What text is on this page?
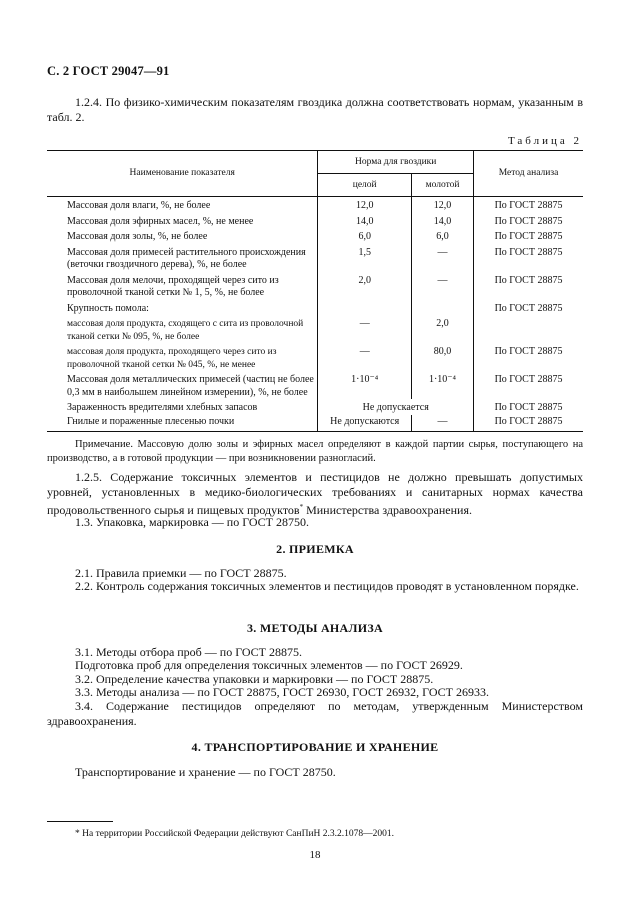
С. 2 ГОСТ 29047—91
1.2.4. По физико-химическим показателям гвоздика должна соответствовать нормам, указанным в табл. 2.
Таблица 2
Наименование показателя	Норма для гвоздики		Метод анализа
	целой	молотой	
Массовая доля влаги, %, не более	12,0	12,0	По ГОСТ 28875
Массовая доля эфирных масел, %, не менее	14,0	14,0	По ГОСТ 28875
Массовая доля золы, %, не более	6,0	6,0	По ГОСТ 28875
Массовая доля примесей растительного происхождения (веточки гвоздичного дерева), %, не более	1,5	—	По ГОСТ 28875
Массовая доля мелочи, проходящей через сито из проволочной тканой сетки № 1, 5, %, не более	2,0	—	По ГОСТ 28875
Крупность помола:			По ГОСТ 28875
массовая доля продукта, сходящего с сита из проволочной тканой сетки № 095, %, не более	—	2,0	
массовая доля продукта, проходящего через сито из проволочной тканой сетки № 045, %, не менее	—	80,0	По ГОСТ 28875
Массовая доля металлических примесей (частиц не более 0,3 мм в наибольшем линейном измерении), %, не более	1·10⁻⁴	1·10⁻⁴	По ГОСТ 28875
Зараженность вредителями хлебных запасов	Не допускается		По ГОСТ 28875
Гнилые и пораженные плесенью почки	Не допускаются	—	По ГОСТ 28875
Примечание. Массовую долю золы и эфирных масел определяют в каждой партии сырья, поступающего на производство, а в готовой продукции — при возникновении разногласий.
1.2.5. Содержание токсичных элементов и пестицидов не должно превышать допустимых уровней, установленных в медико-биологических требованиях и санитарных нормах качества продовольственного сырья и пищевых продуктов* Министерства здравоохранения.
1.3. Упаковка, маркировка — по ГОСТ 28750.
2. ПРИЕМКА
2.1. Правила приемки — по ГОСТ 28875.
2.2. Контроль содержания токсичных элементов и пестицидов проводят в установленном порядке.
3. МЕТОДЫ АНАЛИЗА
3.1. Методы отбора проб — по ГОСТ 28875.
Подготовка проб для определения токсичных элементов — по ГОСТ 26929.
3.2. Определение качества упаковки и маркировки — по ГОСТ 28875.
3.3. Методы анализа — по ГОСТ 28875, ГОСТ 26930, ГОСТ 26932, ГОСТ 26933.
3.4. Содержание пестицидов определяют по методам, утвержденным Министерством здравоохранения.
4. ТРАНСПОРТИРОВАНИЕ И ХРАНЕНИЕ
Транспортирование и хранение — по ГОСТ 28750.
* На территории Российской Федерации действуют СанПиН 2.3.2.1078—2001.
18
